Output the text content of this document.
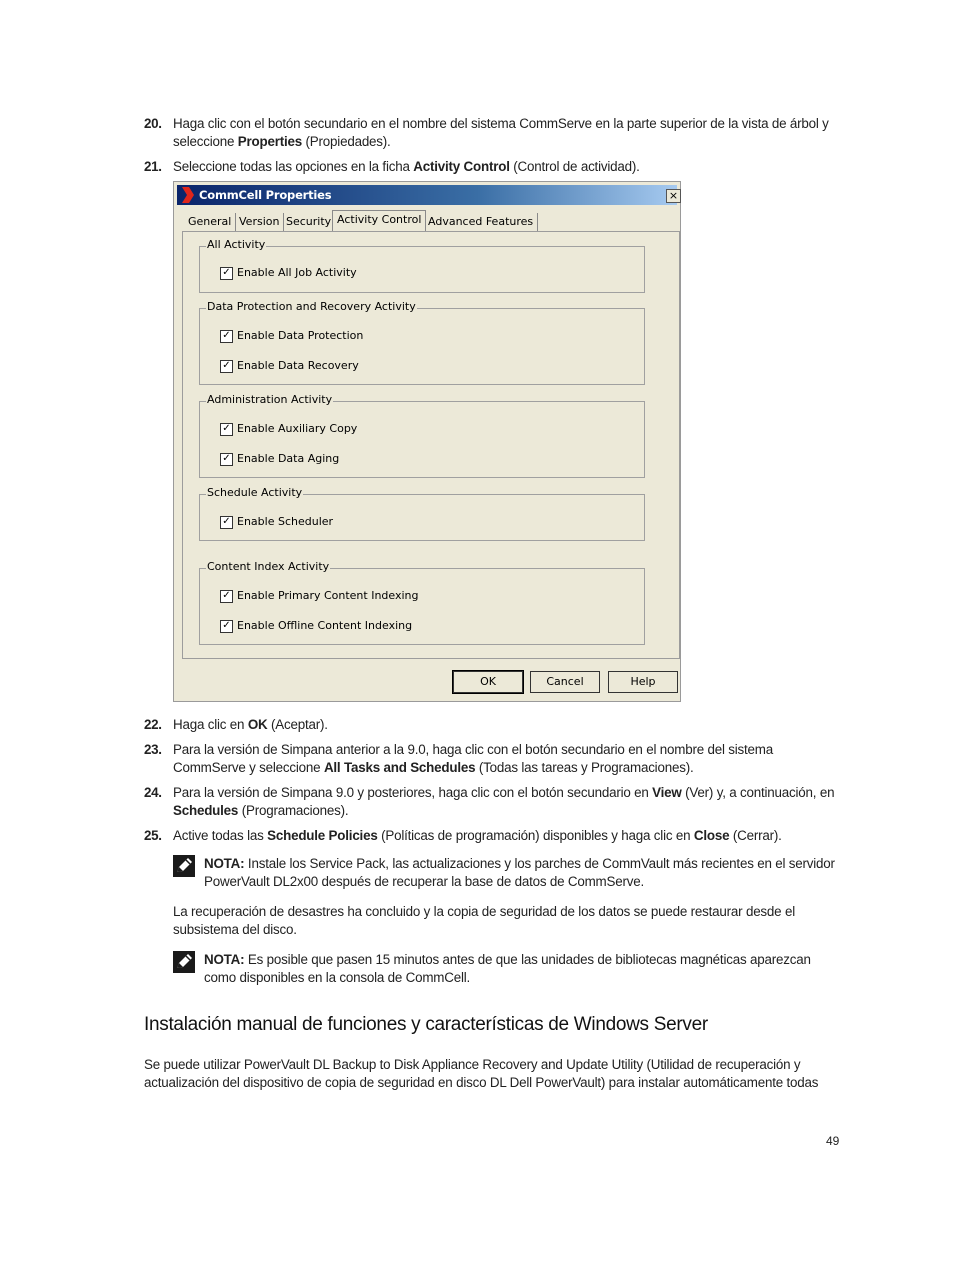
20. Haga clic con el botón secundario en el nombre del sistema CommServe en la parte superior de la vista de árbol y
seleccione Properties (Propiedades).
21. Seleccione todas las opciones en la ficha Activity Control (Control de actividad).
CommCell Properties	×
General Version Security Activity Control Advanced Features
All Activity
✓ Enable All Job Activity
Data Protection and Recovery Activity
✓ Enable Data Protection
✓ Enable Data Recovery
Administration Activity
✓ Enable Auxiliary Copy
✓ Enable Data Aging
Schedule Activity
✓ Enable Scheduler
Content Index Activity
✓ Enable Primary Content Indexing
✓ Enable Offline Content Indexing
OK	Cancel	Help
22. Haga clic en OK (Aceptar).
23. Para la versión de Simpana anterior a la 9.0, haga clic con el botón secundario en el nombre del sistema
CommServe y seleccione All Tasks and Schedules (Todas las tareas y Programaciones).
24. Para la versión de Simpana 9.0 y posteriores, haga clic con el botón secundario en View (Ver) y, a continuación, en
Schedules (Programaciones).
25. Active todas las Schedule Policies (Políticas de programación) disponibles y haga clic en Close (Cerrar).
NOTA: Instale los Service Pack, las actualizaciones y los parches de CommVault más recientes en el servidor
PowerVault DL2x00 después de recuperar la base de datos de CommServe.
La recuperación de desastres ha concluido y la copia de seguridad de los datos se puede restaurar desde el
subsistema del disco.
NOTA: Es posible que pasen 15 minutos antes de que las unidades de bibliotecas magnéticas aparezcan
como disponibles en la consola de CommCell.
Instalación manual de funciones y características de Windows Server
Se puede utilizar PowerVault DL Backup to Disk Appliance Recovery and Update Utility (Utilidad de recuperación y
actualización del dispositivo de copia de seguridad en disco DL Dell PowerVault) para instalar automáticamente todas
49
